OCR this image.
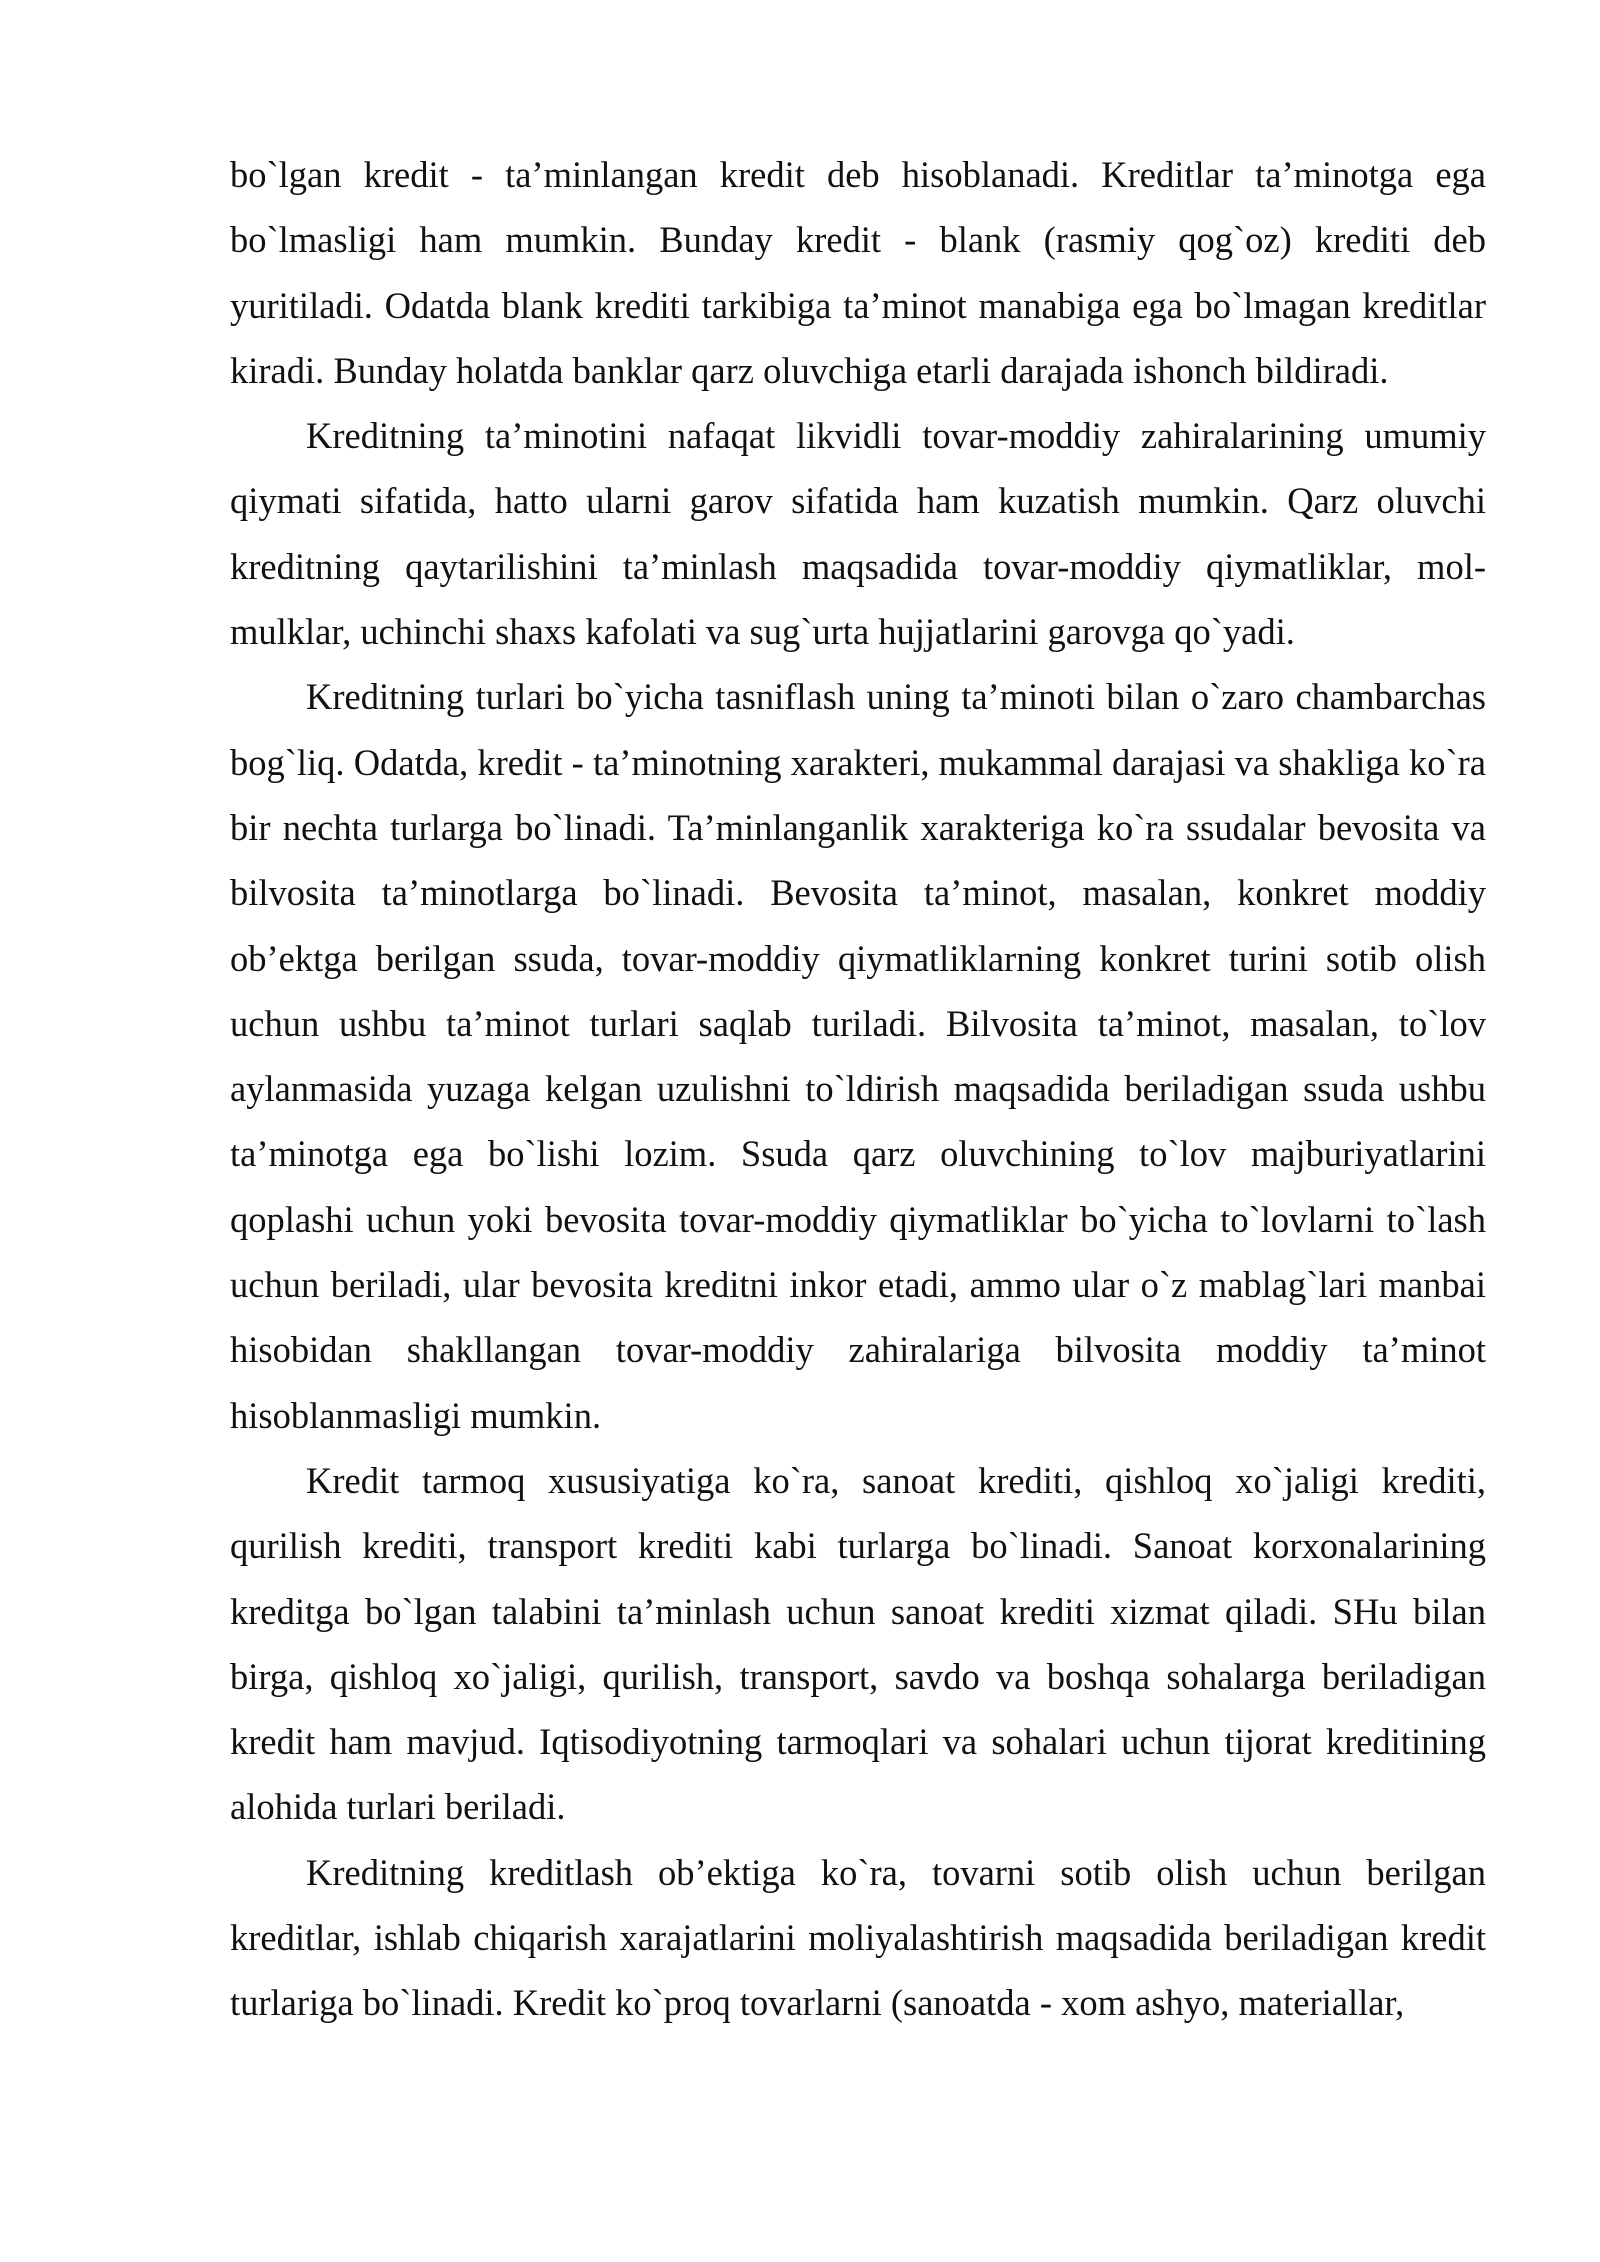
bo`lgan kredit - ta’minlangan kredit deb hisoblanadi. Kreditlar ta’minotga ega bo`lmasligi ham mumkin. Bunday kredit - blank (rasmiy qog`oz) krediti deb yuritiladi. Odatda blank krediti tarkibiga ta’minot manabiga ega bo`lmagan kreditlar kiradi. Bunday holatda banklar qarz oluvchiga etarli darajada ishonch bildiradi.

Kreditning ta’minotini nafaqat likvidli tovar-moddiy zahiralarining umumiy qiymati sifatida, hatto ularni garov sifatida ham kuzatish mumkin. Qarz oluvchi kreditning qaytarilishini ta’minlash maqsadida tovar-moddiy qiymatliklar, mol-mulklar, uchinchi shaxs kafolati va sug`urta hujjatlarini garovga qo`yadi.

Kreditning turlari bo`yicha tasniflash uning ta’minoti bilan o`zaro chambarchas bog`liq. Odatda, kredit - ta’minotning xarakteri, mukammal darajasi va shakliga ko`ra bir nechta turlarga bo`linadi. Ta’minlanganlik xarakteriga ko`ra ssudalar bevosita va bilvosita ta’minotlarga bo`linadi. Bevosita ta’minot, masalan, konkret moddiy ob’ektga berilgan ssuda, tovar-moddiy qiymatliklarning konkret turini sotib olish uchun ushbu ta’minot turlari saqlab turiladi. Bilvosita ta’minot, masalan, to`lov aylanmasida yuzaga kelgan uzulishni to`ldirish maqsadida beriladigan ssuda ushbu ta’minotga ega bo`lishi lozim. Ssuda qarz oluvchining to`lov majburiyatlarini qoplashi uchun yoki bevosita tovar-moddiy qiymatliklar bo`yicha to`lovlarni to`lash uchun beriladi, ular bevosita kreditni inkor etadi, ammo ular o`z mablag`lari manbai hisobidan shakllangan tovar-moddiy zahiralariga bilvosita moddiy ta’minot hisoblanmasligi mumkin.

Kredit tarmoq xususiyatiga ko`ra, sanoat krediti, qishloq xo`jaligi krediti, qurilish krediti, transport krediti kabi turlarga bo`linadi. Sanoat korxonalarining kreditga bo`lgan talabini ta’minlash uchun sanoat krediti xizmat qiladi. SHu bilan birga, qishloq xo`jaligi, qurilish, transport, savdo va boshqa sohalarga beriladigan kredit ham mavjud. Iqtisodiyotning tarmoqlari va sohalari uchun tijorat kreditining alohida turlari beriladi.

Kreditning kreditlash ob’ektiga ko`ra, tovarni sotib olish uchun berilgan kreditlar, ishlab chiqarish xarajatlarini moliyalashtirish maqsadida beriladigan kredit turlariga bo`linadi. Kredit ko`proq tovarlarni (sanoatda - xom ashyo, materiallar,
